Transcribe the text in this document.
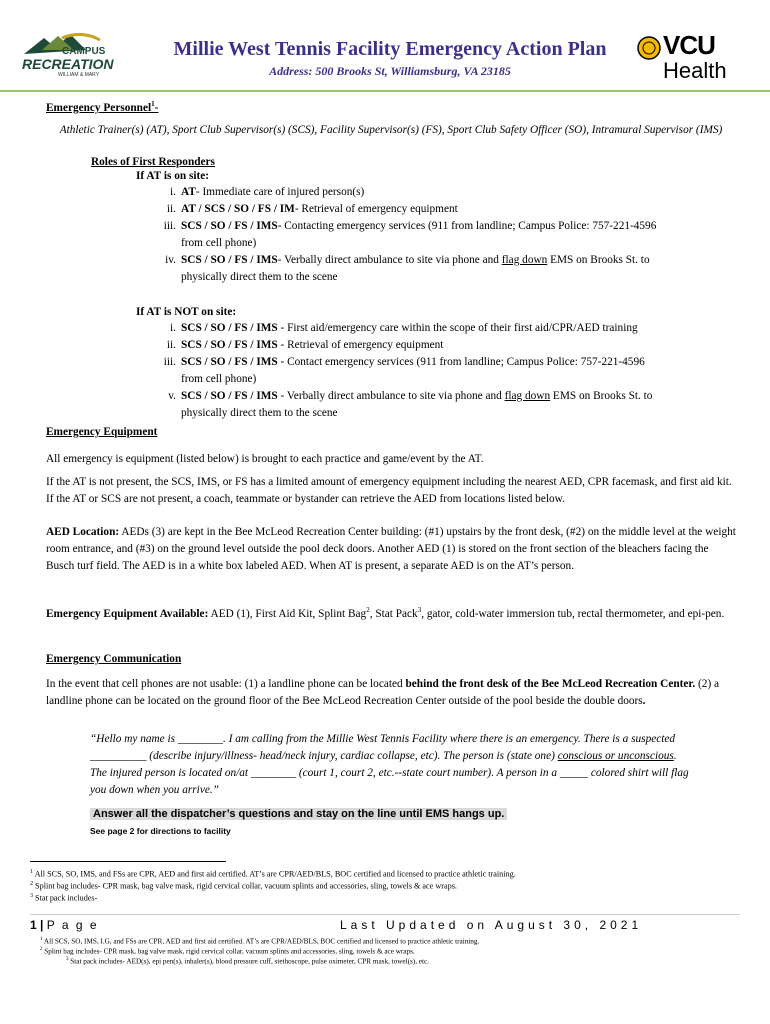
CAMPUS
RECREATION
WILLIAM & MARY
Millie West Tennis Facility Emergency Action Plan
Address: 500 Brooks St, Williamsburg, VA 23185
VCU
Health
Emergency Personnel$^1$-
Athletic Trainer(s) (AT), Sport Club Supervisor(s) (SCS), Facility Supervisor(s) (FS), Sport Club Safety Officer (SO), Intramural Supervisor (IMS)
Roles of First Responders
If AT is on site:
i. AT- Immediate care of injured person(s)
ii. AT / SCS / SO / FS / IM- Retrieval of emergency equipment
iii. SCS / SO / FS / IMS- Contacting emergency services (911 from landline; Campus Police: 757-221-4596
from cell phone)
iv. SCS / SO / FS / IMS- Verbally direct ambulance to site via phone and flag down EMS on Brooks St. to
physically direct them to the scene
If AT is NOT on site:
i. SCS / SO / FS / IMS - First aid/emergency care within the scope of their first aid/CPR/AED training
ii. SCS / SO / FS / IMS - Retrieval of emergency equipment
iii. SCS / SO / FS / IMS - Contact emergency services (911 from landline; Campus Police: 757-221-4596
from cell phone)
v. SCS / SO / FS / IMS - Verbally direct ambulance to site via phone and flag down EMS on Brooks St. to
physically direct them to the scene
Emergency Equipment
All emergency is equipment (listed below) is brought to each practice and game/event by the AT.
If the AT is not present, the SCS, IMS, or FS has a limited amount of emergency equipment including the nearest AED, CPR facemask, and first aid kit. If the AT or SCS are not present, a coach, teammate or bystander can retrieve the AED from locations listed below.
AED Location: AEDs (3) are kept in the Bee McLeod Recreation Center building: (#1) upstairs by the front desk, (#2) on the middle level at the weight room entrance, and (#3) on the ground level outside the pool deck doors. Another AED (1) is stored on the front section of the bleachers facing the Busch turf field. The AED is in a white box labeled AED. When AT is present, a separate AED is on the AT’s person.
Emergency Equipment Available: AED (1), First Aid Kit, Splint Bag$^2$, Stat Pack$^3$, gator, cold-water immersion tub, rectal thermometer, and epi-pen.
Emergency Communication
In the event that cell phones are not usable: (1) a landline phone can be located behind the front desk of the Bee McLeod Recreation Center. (2) a landline phone can be located on the ground floor of the Bee McLeod Recreation Center outside of the pool beside the double doors.
“Hello my name is ________. I am calling from the Millie West Tennis Facility where there is an emergency. There is a suspected __________ (describe injury/illness- head/neck injury, cardiac collapse, etc). The person is (state one) conscious or unconscious. The injured person is located on/at ________ (court 1, court 2, etc.--state court number). A person in a _____ colored shirt will flag you down when you arrive.”
Answer all the dispatcher’s questions and stay on the line until EMS hangs up.
See page 2 for directions to facility
$^1$ All SCS, SO, IMS, and FSs are CPR, AED and first aid certified. AT’s are CPR/AED/BLS, BOC certified and licensed to practice athletic training.
$^2$ Splint bag includes- CPR mask, bag valve mask, rigid cervical collar, vacuum splints and accessories, sling, towels & ace wraps.
$^3$ Stat pack includes-
1 | P a g e	Last Updated on August 30, 2021
$^1$ All SCS, SO, IMS, I.G, and FSs are CPR, AED and first aid certified. AT’s are CPR/AED/BLS, BOC certified and licensed to practice athletic training.
$^2$ Splint bag includes- CPR mask, bag valve mask, rigid cervical collar, vacuum splints and accessories, sling, towels & ace wraps.
$^3$ Stat pack includes- AED(s), epi pen(s), inhaler(s), blood pressure cuff, stethoscope, pulse oximeter, CPR mask, towel(s), etc.
